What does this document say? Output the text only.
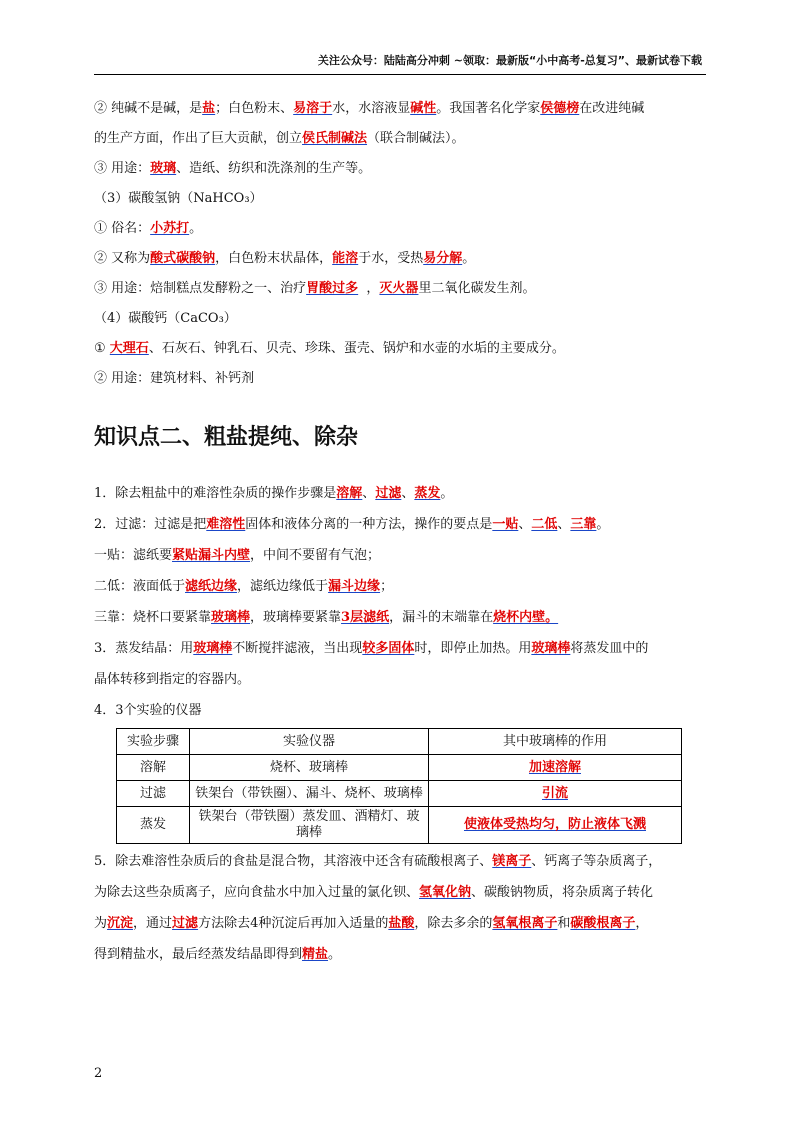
关注公众号：陆陆高分冲刺 ~领取：最新版“小中高考-总复习”、最新试卷下载
② 纯碱不是碱，是盐；白色粉末、易溶于水，水溶液显碱性。我国著名化学家侯德榜在改进纯碱
的生产方面，作出了巨大贡献，创立侯氏制碱法（联合制碱法）。
③ 用途：玻璃、造纸、纺织和洗涤剂的生产等。
（3）碳酸氢钠（NaHCO₃）
① 俗名：小苏打。
② 又称为酸式碳酸钠，白色粉末状晶体，能溶于水，受热易分解。
③ 用途：焙制糕点发酵粉之一、治疗胃酸过多  ，灭火器里二氧化碳发生剂。
（4）碳酸钙（CaCO₃）
① 大理石、石灰石、钟乳石、贝壳、珍珠、蛋壳、锅炉和水壶的水垢的主要成分。
② 用途：建筑材料、补钙剂
知识点二、粗盐提纯、除杂
1．除去粗盐中的难溶性杂质的操作步骤是溶解、过滤、蒸发。
2．过滤：过滤是把难溶性固体和液体分离的一种方法，操作的要点是一贴、二低、三靠。
一贴：滤纸要紧贴漏斗内壁，中间不要留有气泡；
二低：液面低于滤纸边缘，滤纸边缘低于漏斗边缘；
三靠：烧杯口要紧靠玻璃棒，玻璃棒要紧靠3层滤纸，漏斗的末端靠在烧杯内壁。
3．蒸发结晶：用玻璃棒不断搅拌滤液，当出现较多固体时，即停止加热。用玻璃棒将蒸发皿中的
晶体转移到指定的容器内。
4．3个实验的仪器
实验步骤	实验仪器	其中玻璃棒的作用
溶解	烧杯、玻璃棒	加速溶解
过滤	铁架台（带铁圈）、漏斗、烧杯、玻璃棒	引流
蒸发	铁架台（带铁圈）蒸发皿、酒精灯、玻璃棒	使液体受热均匀，防止液体飞溅
5．除去难溶性杂质后的食盐是混合物，其溶液中还含有硫酸根离子、镁离子、钙离子等杂质离子，
为除去这些杂质离子，应向食盐水中加入过量的氯化钡、氢氧化钠、碳酸钠物质，将杂质离子转化
为沉淀，通过过滤方法除去4种沉淀后再加入适量的盐酸，除去多余的氢氧根离子和碳酸根离子，
得到精盐水，最后经蒸发结晶即得到精盐。
2
